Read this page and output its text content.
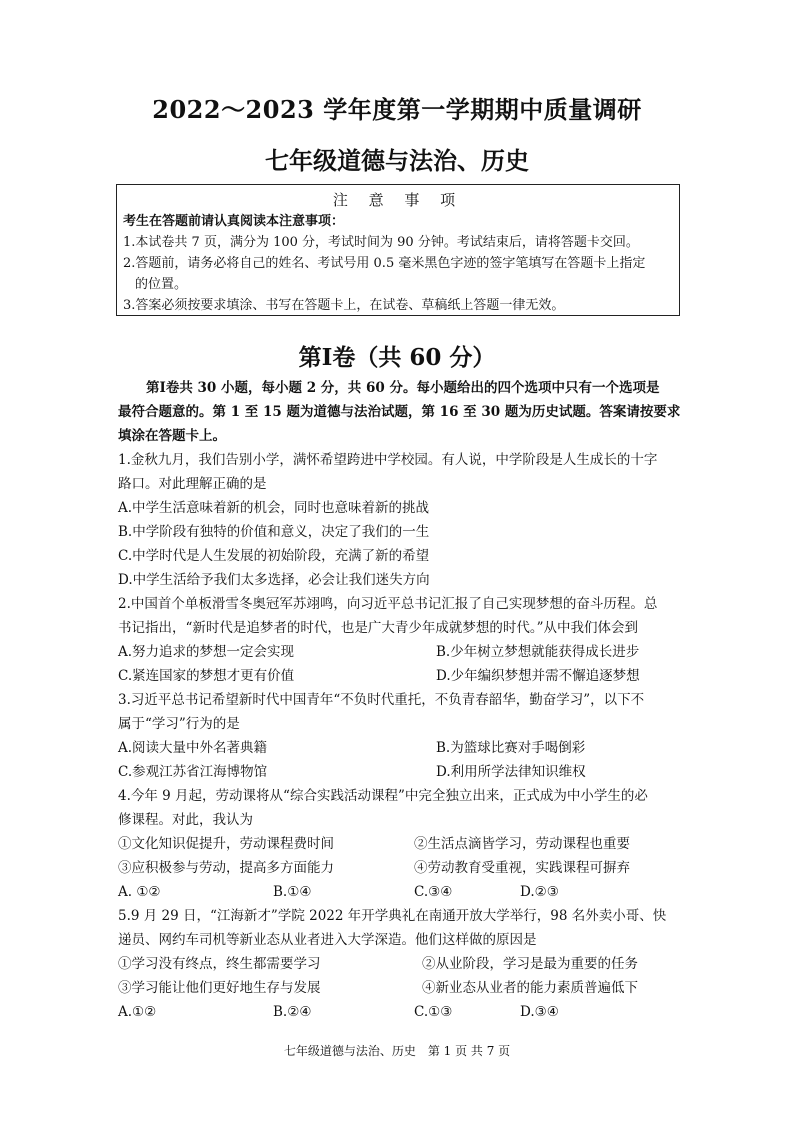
2022～2023 学年度第一学期期中质量调研
七年级道德与法治、历史
注 意 事 项
考生在答题前请认真阅读本注意事项：
1.本试卷共 7 页，满分为 100 分，考试时间为 90 分钟。考试结束后，请将答题卡交回。
2.答题前，请务必将自己的姓名、考试号用 0.5 毫米黑色字迹的签字笔填写在答题卡上指定
的位置。
3.答案必须按要求填涂、书写在答题卡上，在试卷、草稿纸上答题一律无效。
第Ⅰ卷（共 60 分）
第Ⅰ卷共 30 小题，每小题 2 分，共 60 分。每小题给出的四个选项中只有一个选项是
最符合题意的。第 1 至 15 题为道德与法治试题，第 16 至 30 题为历史试题。答案请按要求
填涂在答题卡上。
1.金秋九月，我们告别小学，满怀希望跨进中学校园。有人说，中学阶段是人生成长的十字
路口。对此理解正确的是
A.中学生活意味着新的机会，同时也意味着新的挑战
B.中学阶段有独特的价值和意义，决定了我们的一生
C.中学时代是人生发展的初始阶段，充满了新的希望
D.中学生活给予我们太多选择，必会让我们迷失方向
2.中国首个单板滑雪冬奥冠军苏翊鸣，向习近平总书记汇报了自己实现梦想的奋斗历程。总
书记指出，“新时代是追梦者的时代，也是广大青少年成就梦想的时代。”从中我们体会到
A.努力追求的梦想一定会实现	B.少年树立梦想就能获得成长进步
C.紧连国家的梦想才更有价值	D.少年编织梦想并需不懈追逐梦想
3.习近平总书记希望新时代中国青年“不负时代重托，不负青春韶华，勤奋学习”，以下不
属于“学习”行为的是
A.阅读大量中外名著典籍	B.为篮球比赛对手喝倒彩
C.参观江苏省江海博物馆	D.利用所学法律知识维权
4.今年 9 月起，劳动课将从“综合实践活动课程”中完全独立出来，正式成为中小学生的必
修课程。对此，我认为
①文化知识促提升，劳动课程费时间	②生活点滴皆学习，劳动课程也重要
③应积极参与劳动，提高多方面能力	④劳动教育受重视，实践课程可摒弃
A. ①②	B.①④	C.③④	D.②③
5.9 月 29 日，“江海新才”学院 2022 年开学典礼在南通开放大学举行，98 名外卖小哥、快
递员、网约车司机等新业态从业者进入大学深造。他们这样做的原因是
①学习没有终点，终生都需要学习	②从业阶段，学习是最为重要的任务
③学习能让他们更好地生存与发展	④新业态从业者的能力素质普遍低下
A.①②	B.②④	C.①③	D.③④
七年级道德与法治、历史　第 1 页 共 7 页
